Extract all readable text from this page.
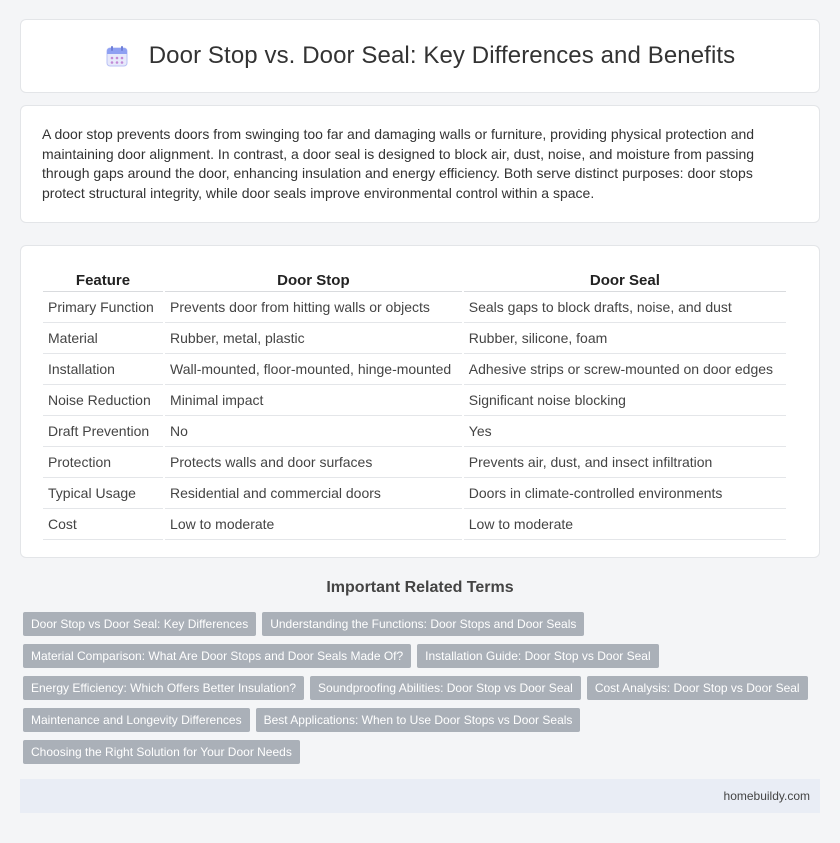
Door Stop vs. Door Seal: Key Differences and Benefits

A door stop prevents doors from swinging too far and damaging walls or furniture, providing physical protection and maintaining door alignment. In contrast, a door seal is designed to block air, dust, noise, and moisture from passing through gaps around the door, enhancing insulation and energy efficiency. Both serve distinct purposes: door stops protect structural integrity, while door seals improve environmental control within a space.

Feature	Door Stop	Door Seal
Primary Function	Prevents door from hitting walls or objects	Seals gaps to block drafts, noise, and dust
Material	Rubber, metal, plastic	Rubber, silicone, foam
Installation	Wall-mounted, floor-mounted, hinge-mounted	Adhesive strips or screw-mounted on door edges
Noise Reduction	Minimal impact	Significant noise blocking
Draft Prevention	No	Yes
Protection	Protects walls and door surfaces	Prevents air, dust, and insect infiltration
Typical Usage	Residential and commercial doors	Doors in climate-controlled environments
Cost	Low to moderate	Low to moderate
Important Related Terms
Door Stop vs Door Seal: Key Differences	Understanding the Functions: Door Stops and Door Seals
Material Comparison: What Are Door Stops and Door Seals Made Of?	Installation Guide: Door Stop vs Door Seal
Energy Efficiency: Which Offers Better Insulation?	Soundproofing Abilities: Door Stop vs Door Seal	Cost Analysis: Door Stop vs Door Seal
Maintenance and Longevity Differences	Best Applications: When to Use Door Stops vs Door Seals
Choosing the Right Solution for Your Door Needs
homebuildy.com
